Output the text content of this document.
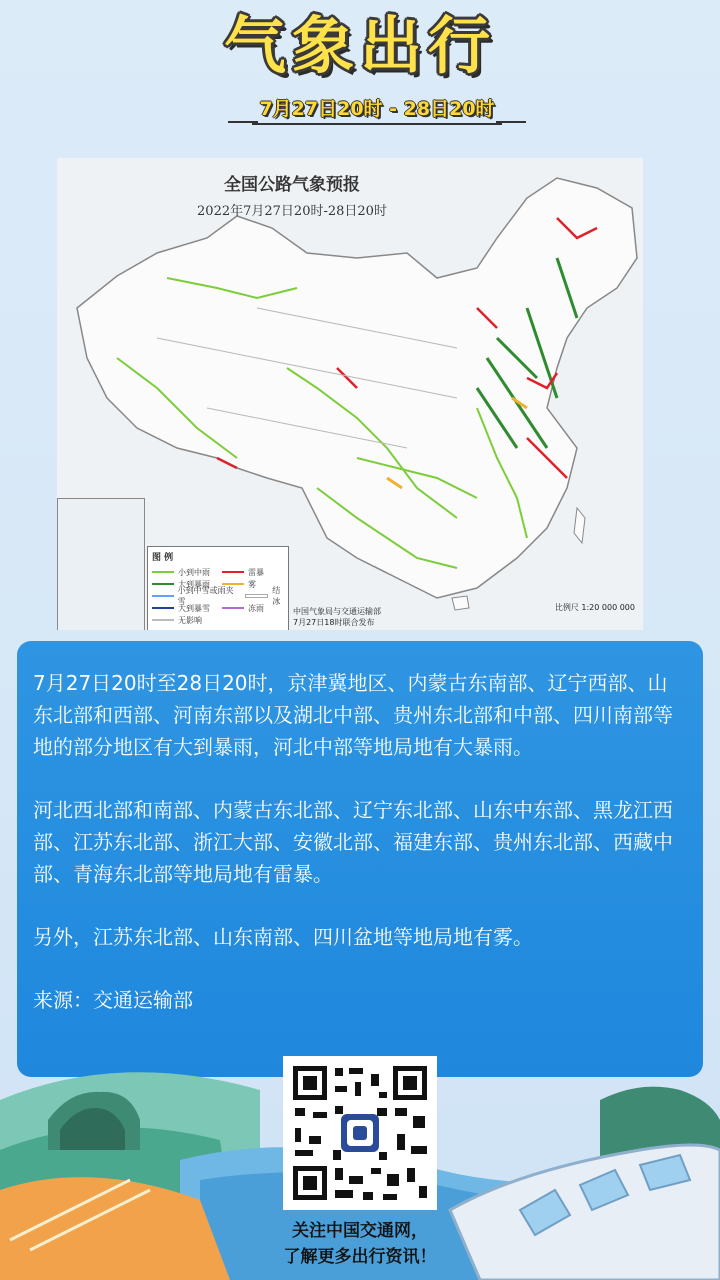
气象出行
7月27日20时 - 28日20时
全国公路气象预报
2022年7月27日20时-28日20时
图 例
小到中雨	雷暴
大到暴雨	雾
小到中雪或雨夹雪
结冰
大到暴雪	冻雨
无影响
中国气象局与交通运输部
7月27日18时联合发布
比例尺 1:20 000 000

7月27日20时至28日20时，京津冀地区、内蒙古东南部、辽宁西部、山东北部和西部、河南东部以及湖北中部、贵州东北部和中部、四川南部等地的部分地区有大到暴雨，河北中部等地局地有大暴雨。

河北西北部和南部、内蒙古东北部、辽宁东北部、山东中东部、黑龙江西部、江苏东北部、浙江大部、安徽北部、福建东部、贵州东北部、西藏中部、青海东北部等地局地有雷暴。

另外，江苏东北部、山东南部、四川盆地等地局地有雾。

来源：交通运输部

关注中国交通网，
了解更多出行资讯！
